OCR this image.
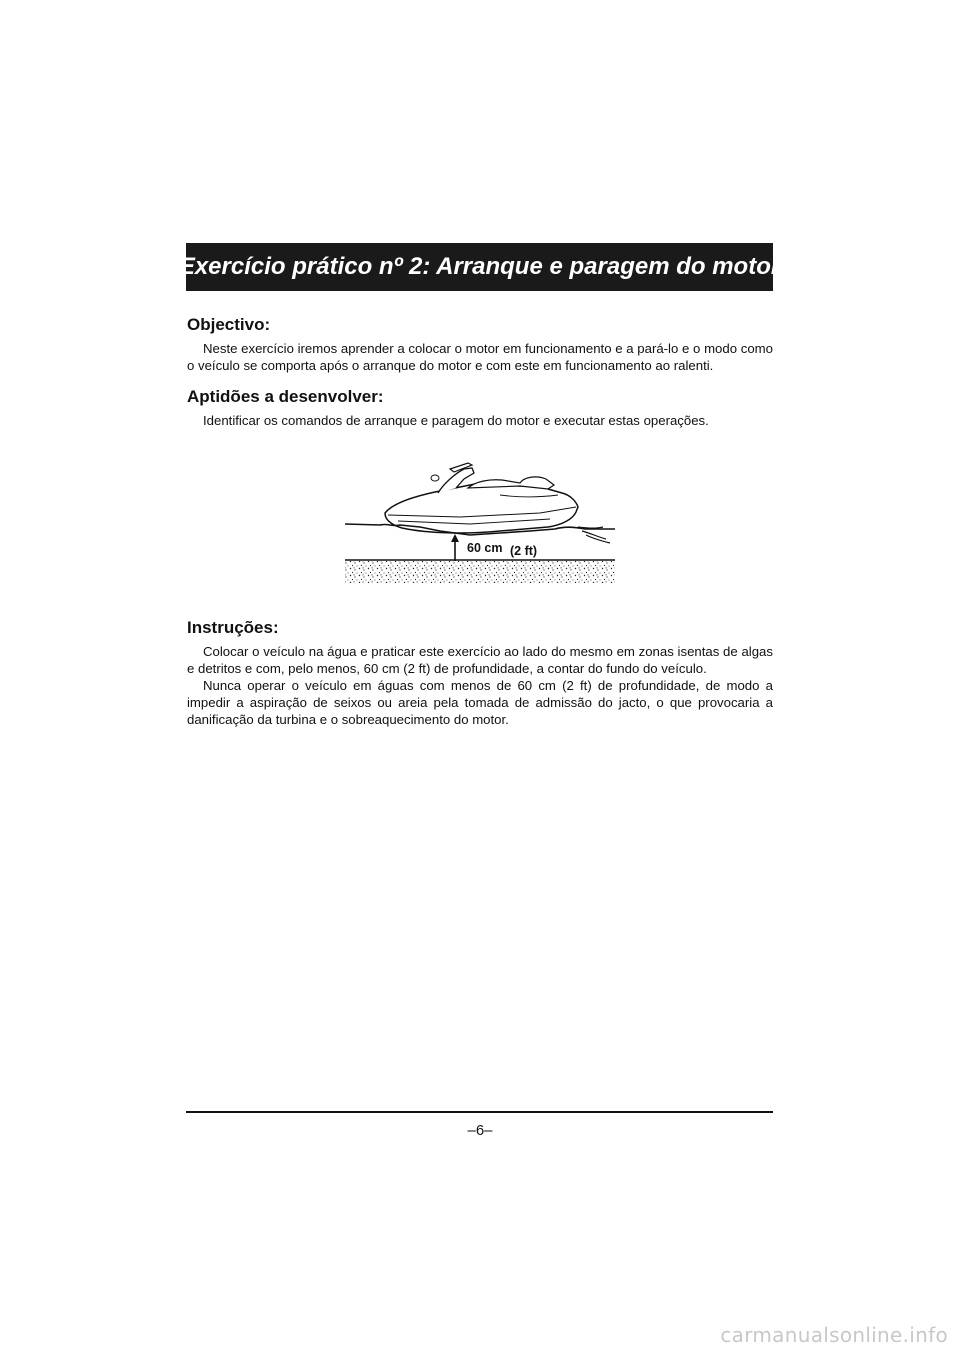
Exercício prático nº 2: Arranque e paragem do motor
Objectivo:

Neste exercício iremos aprender a colocar o motor em funcionamento e a pará-lo e o modo como o veículo se comporta após o arranque do motor e com este em funcionamento ao ralenti.

Aptidões a desenvolver:

Identificar os comandos de arranque e paragem do motor e executar estas operações.

60 cm (2 ft)
Instruções:

Colocar o veículo na água e praticar este exercício ao lado do mesmo em zonas isentas de algas e detritos e com, pelo menos, 60 cm (2 ft) de profundidade, a contar do fundo do veículo.

Nunca operar o veículo em águas com menos de 60 cm (2 ft) de profundidade, de modo a impedir a aspiração de seixos ou areia pela tomada de admissão do jacto, o que provocaria a danificação da turbina e o sobreaquecimento do motor.

–6–
carmanualsonline.info
